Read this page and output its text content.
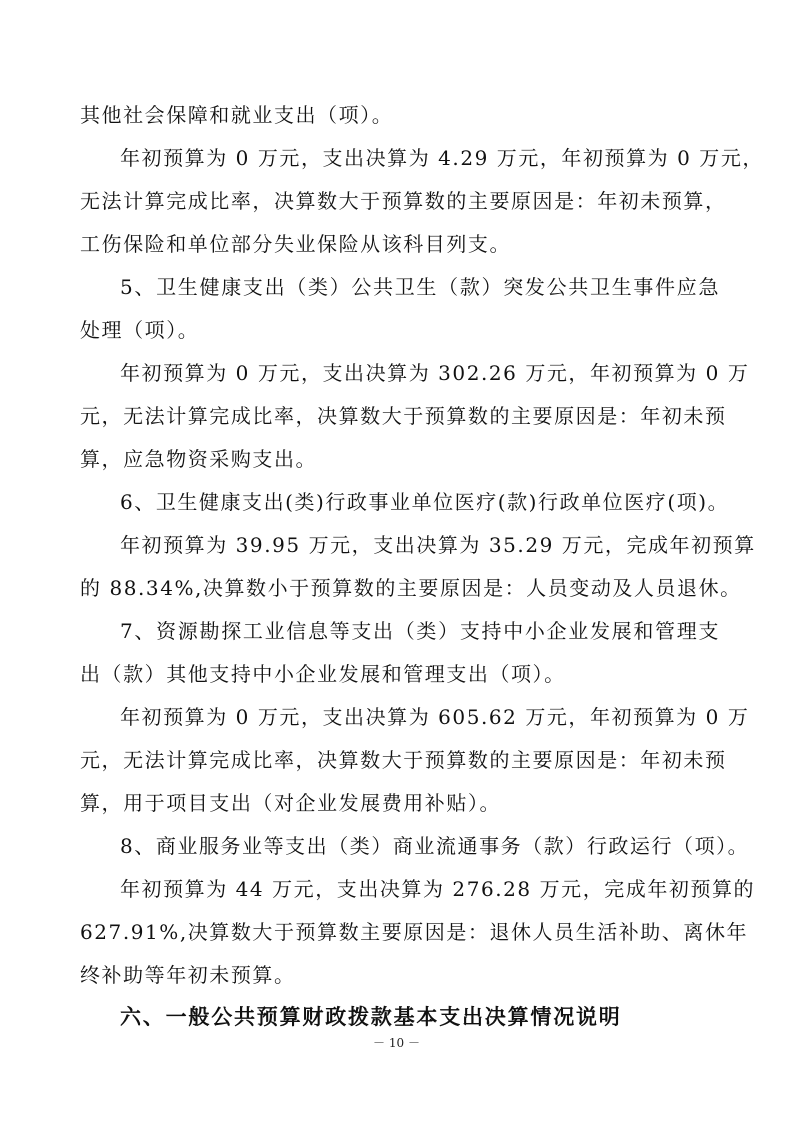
其他社会保障和就业支出（项）。
年初预算为 0 万元，支出决算为 4.29 万元，年初预算为 0 万元，
无法计算完成比率，决算数大于预算数的主要原因是：年初未预算，
工伤保险和单位部分失业保险从该科目列支。
5、卫生健康支出（类）公共卫生（款）突发公共卫生事件应急
处理（项）。
年初预算为 0 万元，支出决算为 302.26 万元，年初预算为 0 万
元，无法计算完成比率，决算数大于预算数的主要原因是：年初未预
算，应急物资采购支出。
6、卫生健康支出(类)行政事业单位医疗(款)行政单位医疗(项)。
年初预算为 39.95 万元，支出决算为 35.29 万元，完成年初预算
的 88.34%,决算数小于预算数的主要原因是：人员变动及人员退休。
7、资源勘探工业信息等支出（类）支持中小企业发展和管理支
出（款）其他支持中小企业发展和管理支出（项）。
年初预算为 0 万元，支出决算为 605.62 万元，年初预算为 0 万
元，无法计算完成比率，决算数大于预算数的主要原因是：年初未预
算，用于项目支出（对企业发展费用补贴）。
8、商业服务业等支出（类）商业流通事务（款）行政运行（项）。
年初预算为 44 万元，支出决算为 276.28 万元，完成年初预算的
627.91%,决算数大于预算数主要原因是：退休人员生活补助、离休年
终补助等年初未预算。
六、一般公共预算财政拨款基本支出决算情况说明
－ 10 －
